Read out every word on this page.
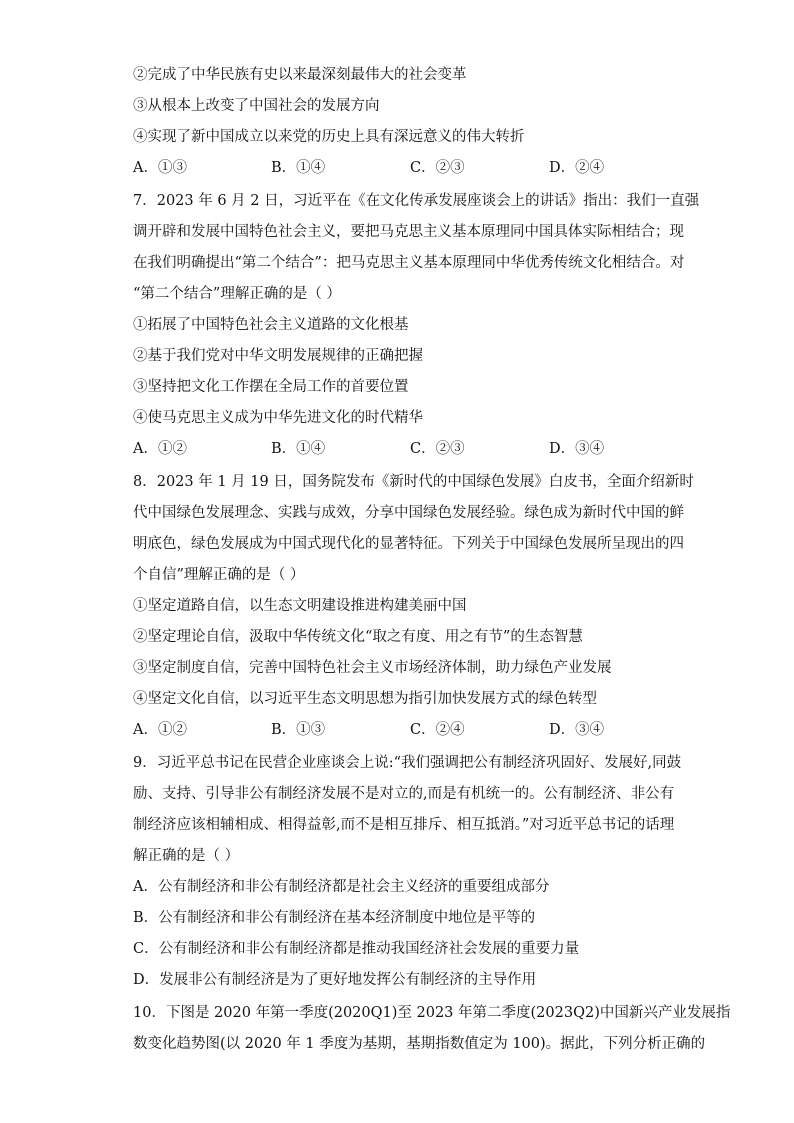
②完成了中华民族有史以来最深刻最伟大的社会变革
③从根本上改变了中国社会的发展方向
④实现了新中国成立以来党的历史上具有深远意义的伟大转折
A．①③	B．①④	C．②③	D．②④
7．2023 年 6 月 2 日，习近平在《在文化传承发展座谈会上的讲话》指出：我们一直强
调开辟和发展中国特色社会主义，要把马克思主义基本原理同中国具体实际相结合；现
在我们明确提出“第二个结合”：把马克思主义基本原理同中华优秀传统文化相结合。对
“第二个结合”理解正确的是（ ）
①拓展了中国特色社会主义道路的文化根基
②基于我们党对中华文明发展规律的正确把握
③坚持把文化工作摆在全局工作的首要位置
④使马克思主义成为中华先进文化的时代精华
A．①②	B．①④	C．②③	D．③④
8．2023 年 1 月 19 日，国务院发布《新时代的中国绿色发展》白皮书，全面介绍新时
代中国绿色发展理念、实践与成效，分享中国绿色发展经验。绿色成为新时代中国的鲜
明底色，绿色发展成为中国式现代化的显著特征。下列关于中国绿色发展所呈现出的四
个自信”理解正确的是（ ）
①坚定道路自信，以生态文明建设推进构建美丽中国
②坚定理论自信，汲取中华传统文化“取之有度、用之有节”的生态智慧
③坚定制度自信，完善中国特色社会主义市场经济体制，助力绿色产业发展
④坚定文化自信，以习近平生态文明思想为指引加快发展方式的绿色转型
A．①②	B．①③	C．②④	D．③④
9．习近平总书记在民营企业座谈会上说:“我们强调把公有制经济巩固好、发展好,同鼓
励、支持、引导非公有制经济发展不是对立的,而是有机统一的。公有制经济、非公有
制经济应该相辅相成、相得益彰,而不是相互排斥、相互抵消。”对习近平总书记的话理
解正确的是（ ）
A．公有制经济和非公有制经济都是社会主义经济的重要组成部分
B．公有制经济和非公有制经济在基本经济制度中地位是平等的
C．公有制经济和非公有制经济都是推动我国经济社会发展的重要力量
D．发展非公有制经济是为了更好地发挥公有制经济的主导作用
10．下图是 2020 年第一季度(2020Q1)至 2023 年第二季度(2023Q2)中国新兴产业发展指
数变化趋势图(以 2020 年 1 季度为基期，基期指数值定为 100)。据此，下列分析正确的
